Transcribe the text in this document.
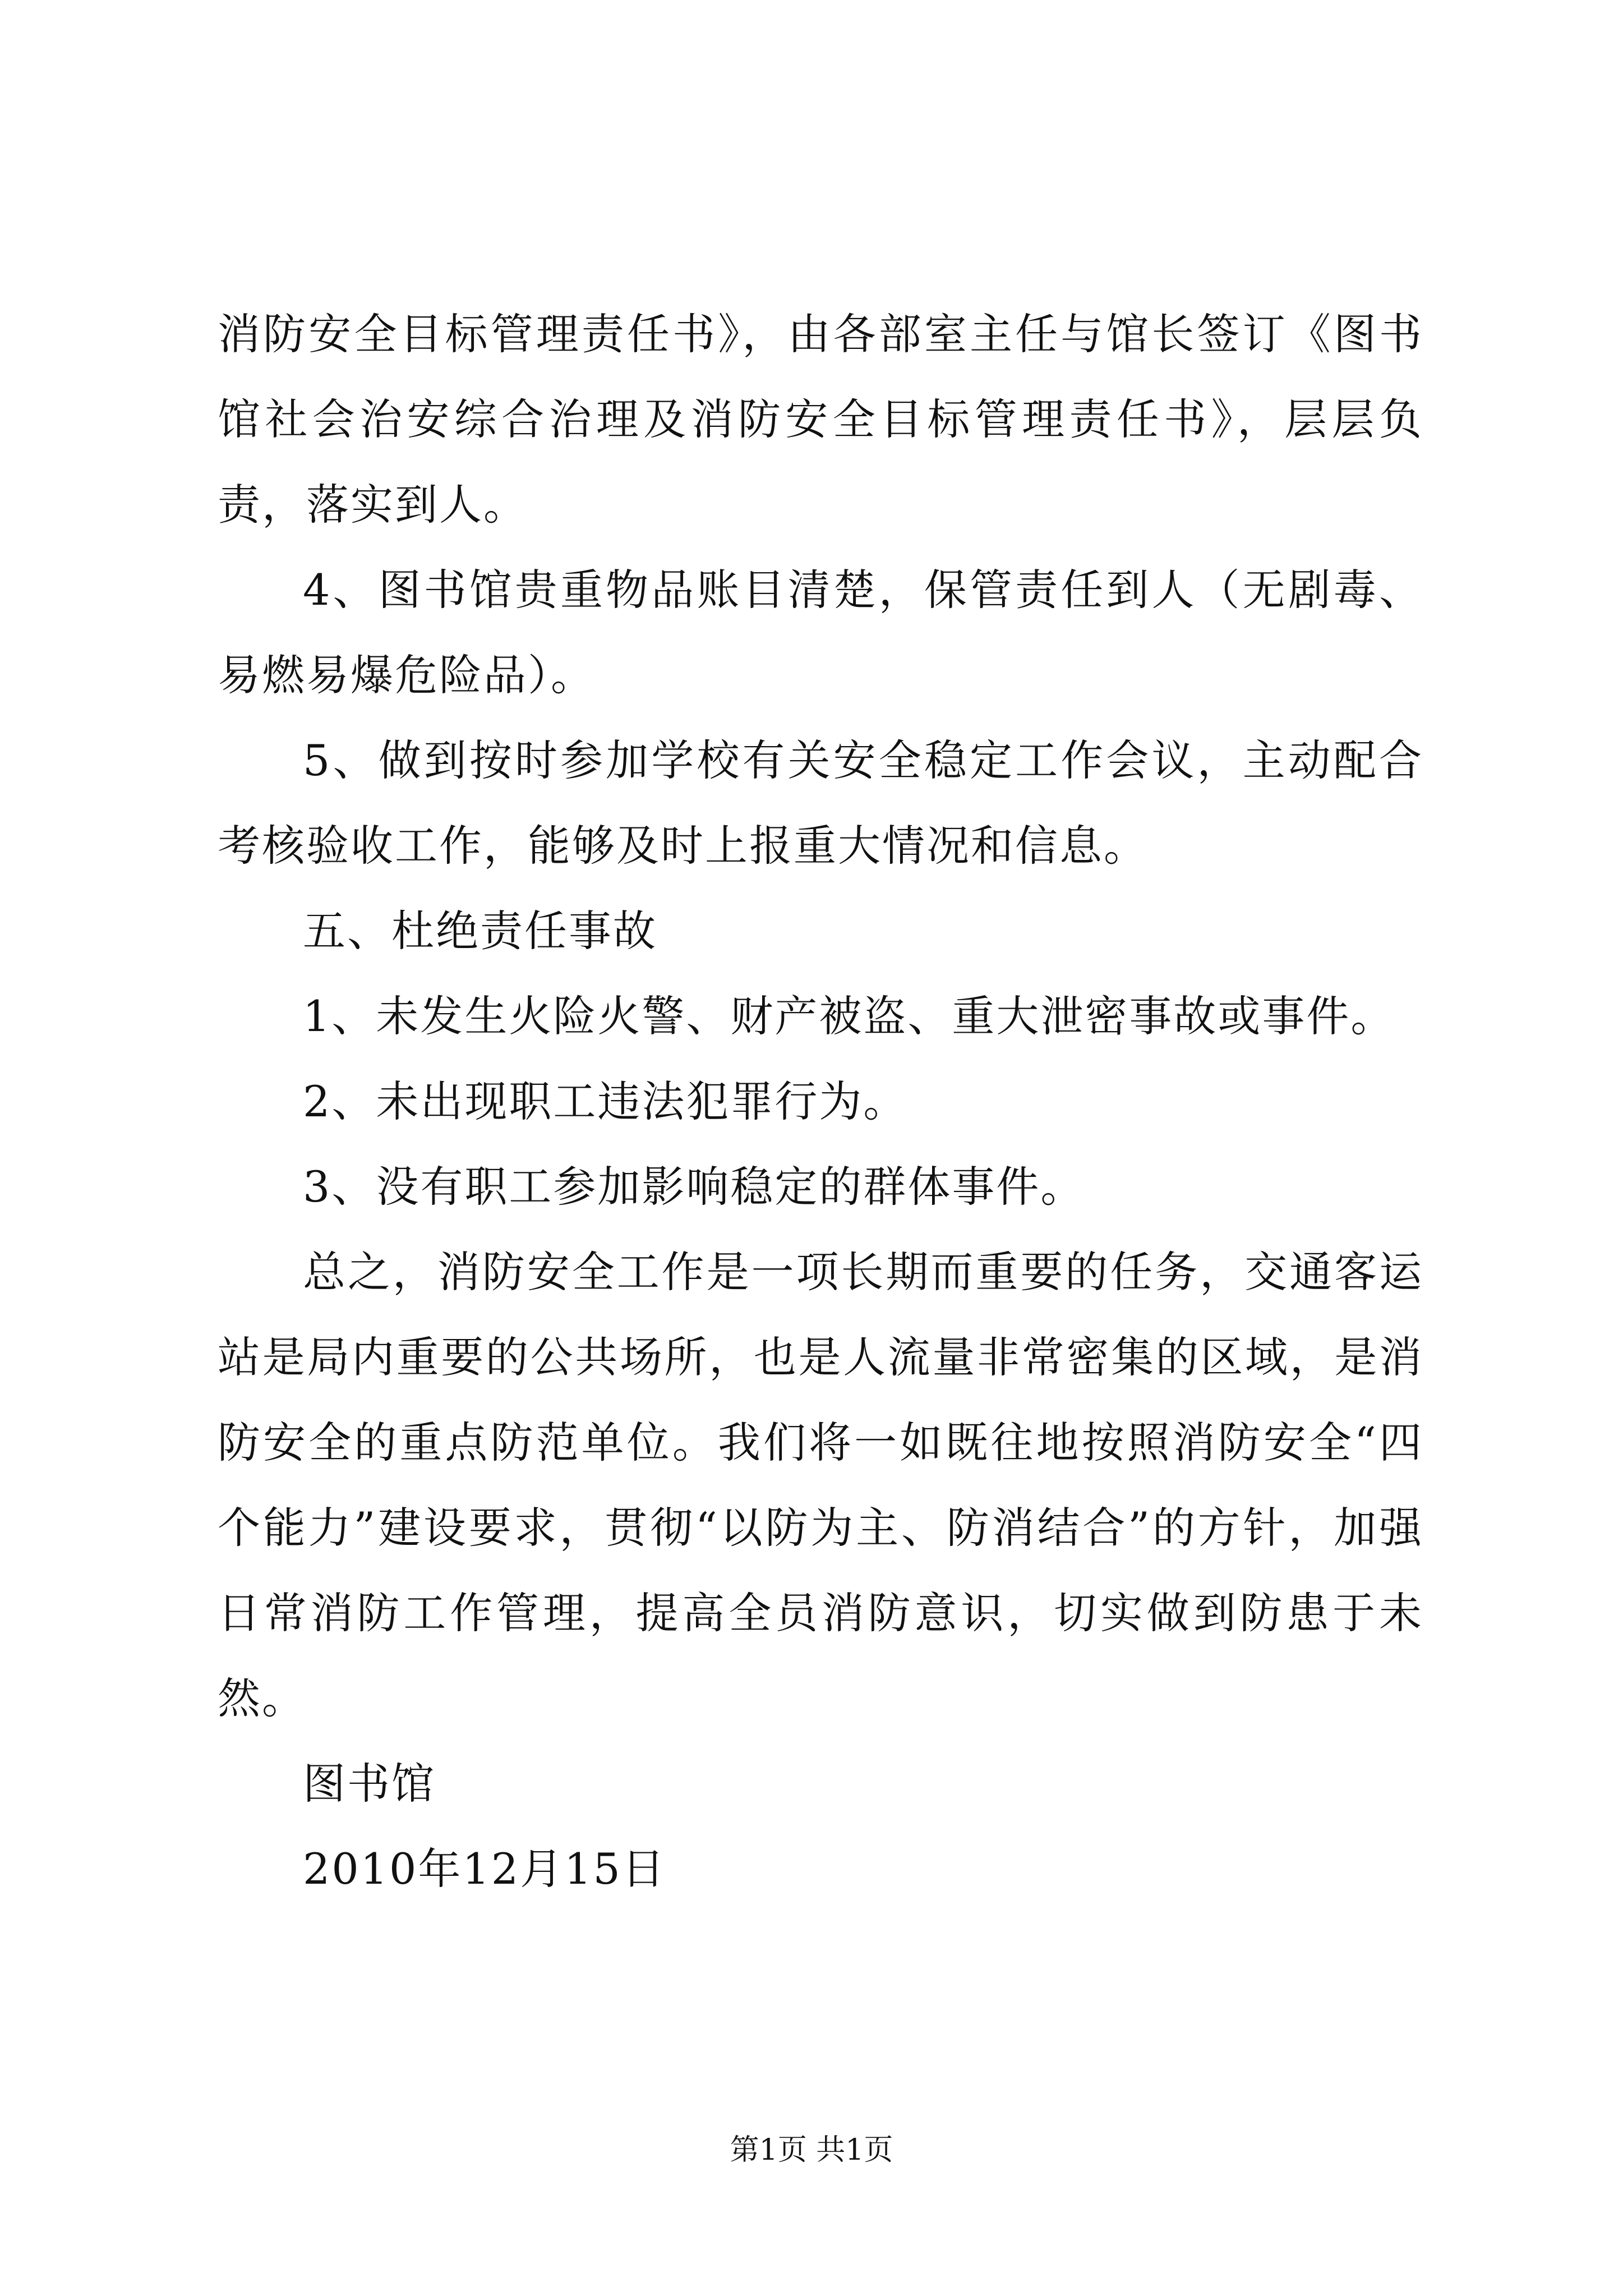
消防安全目标管理责任书》，由各部室主任与馆长签订《图书馆社会治安综合治理及消防安全目标管理责任书》，层层负责，落实到人。

4、图书馆贵重物品账目清楚，保管责任到人（无剧毒、易燃易爆危险品）。

5、做到按时参加学校有关安全稳定工作会议，主动配合考核验收工作，能够及时上报重大情况和信息。

五、杜绝责任事故

1、未发生火险火警、财产被盗、重大泄密事故或事件。

2、未出现职工违法犯罪行为。

3、没有职工参加影响稳定的群体事件。

总之，消防安全工作是一项长期而重要的任务，交通客运站是局内重要的公共场所，也是人流量非常密集的区域，是消防安全的重点防范单位。我们将一如既往地按照消防安全“四个能力”建设要求，贯彻“以防为主、防消结合”的方针，加强日常消防工作管理，提高全员消防意识，切实做到防患于未然。

图书馆

2010年12月15日

第1页 共1页
